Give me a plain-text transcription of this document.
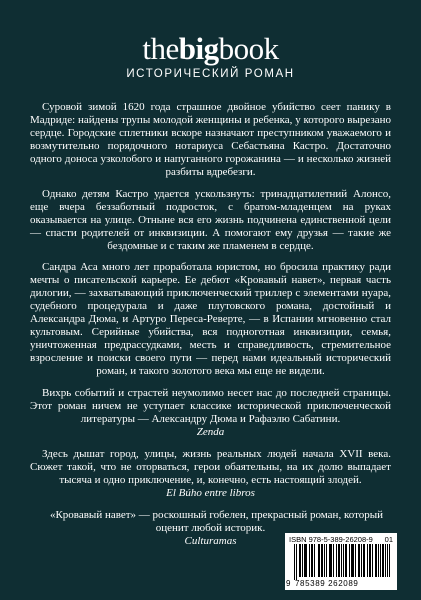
thebigbook
ИСТОРИЧЕСКИЙ РОМАН

Суровой зимой 1620 года страшное двойное убийство сеет панику в Мадриде: найдены трупы молодой женщины и ребенка, у которого вырезано сердце. Городские сплетники вскоре назначают преступником уважаемого и возмутительно порядочного нотариуса Себастьяна Кастро. Достаточно одного доноса узколобого и напуганного горожанина — и несколько жизней разбиты вдребезги.

Однако детям Кастро удается ускользнуть: тринадцатилетний Алонсо, еще вчера беззаботный подросток, с братом-младенцем на руках оказывается на улице. Отныне вся его жизнь подчинена единственной цели — спасти родителей от инквизиции. А помогают ему друзья — такие же бездомные и с таким же пламенем в сердце.

Сандра Аса много лет проработала юристом, но бросила практику ради мечты о писательской карьере. Ее дебют «Кровавый навет», первая часть дилогии, — захватывающий приключенческий триллер с элементами нуара, судебного процедурала и даже плутовского романа, достойный и Александра Дюма, и Артуро Переса-Реверте, — в Испании мгновенно стал культовым. Серийные убийства, вся подноготная инквизиции, семья, уничтоженная предрассудками, месть и справедливость, стремительное взросление и поиски своего пути — перед нами идеальный исторический роман, и такого золотого века мы еще не видели.

Вихрь событий и страстей неумолимо несет нас до последней страницы. Этот роман ничем не уступает классике исторической приключенческой литературы — Александру Дюма и Рафаэлю Сабатини.

Zenda

Здесь дышат город, улицы, жизнь реальных людей начала XVII века. Сюжет такой, что не оторваться, герои обаятельны, на их долю выпадает тысяча и одно приключение, и, конечно, есть настоящий злодей.

El Búho entre libros

«Кровавый навет» — роскошный гобелен, прекрасный роман, который оценит любой историк.

Culturamas	ISBN 978-5-389-26208-9 01
9 785389 262089
